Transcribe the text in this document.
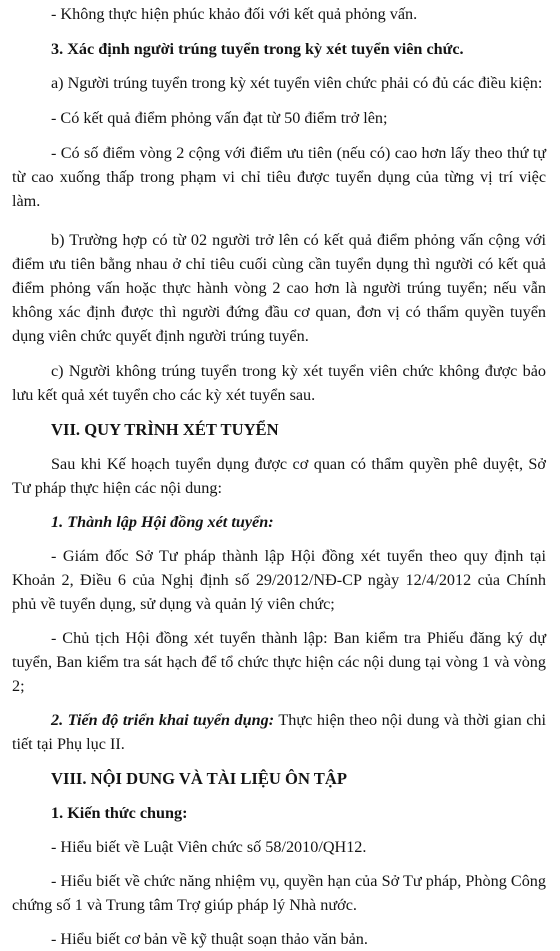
- Không thực hiện phúc khảo đối với kết quả phỏng vấn.

3. Xác định người trúng tuyển trong kỳ xét tuyển viên chức.

a) Người trúng tuyển trong kỳ xét tuyển viên chức phải có đủ các điều kiện:

- Có kết quả điểm phỏng vấn đạt từ 50 điểm trở lên;

- Có số điểm vòng 2 cộng với điểm ưu tiên (nếu có) cao hơn lấy theo thứ tự từ cao xuống thấp trong phạm vi chỉ tiêu được tuyển dụng của từng vị trí việc làm.

b) Trường hợp có từ 02 người trở lên có kết quả điểm phỏng vấn cộng với điểm ưu tiên bằng nhau ở chỉ tiêu cuối cùng cần tuyển dụng thì người có kết quả điểm phỏng vấn hoặc thực hành vòng 2 cao hơn là người trúng tuyển; nếu vẫn không xác định được thì người đứng đầu cơ quan, đơn vị có thẩm quyền tuyển dụng viên chức quyết định người trúng tuyển.

c) Người không trúng tuyển trong kỳ xét tuyển viên chức không được bảo lưu kết quả xét tuyển cho các kỳ xét tuyển sau.

VII. QUY TRÌNH XÉT TUYỂN

Sau khi Kế hoạch tuyển dụng được cơ quan có thẩm quyền phê duyệt, Sở Tư pháp thực hiện các nội dung:

1. Thành lập Hội đồng xét tuyển:

- Giám đốc Sở Tư pháp thành lập Hội đồng xét tuyển theo quy định tại Khoản 2, Điều 6 của Nghị định số 29/2012/NĐ-CP ngày 12/4/2012 của Chính phủ về tuyển dụng, sử dụng và quản lý viên chức;

- Chủ tịch Hội đồng xét tuyển thành lập: Ban kiểm tra Phiếu đăng ký dự tuyển, Ban kiểm tra sát hạch để tổ chức thực hiện các nội dung tại vòng 1 và vòng 2;

2. Tiến độ triển khai tuyển dụng: Thực hiện theo nội dung và thời gian chi tiết tại Phụ lục II.

VIII. NỘI DUNG VÀ TÀI LIỆU ÔN TẬP

1. Kiến thức chung:

- Hiểu biết về Luật Viên chức số 58/2010/QH12.

- Hiểu biết về chức năng nhiệm vụ, quyền hạn của Sở Tư pháp, Phòng Công chứng số 1 và Trung tâm Trợ giúp pháp lý Nhà nước.

- Hiểu biết cơ bản về kỹ thuật soạn thảo văn bản.
